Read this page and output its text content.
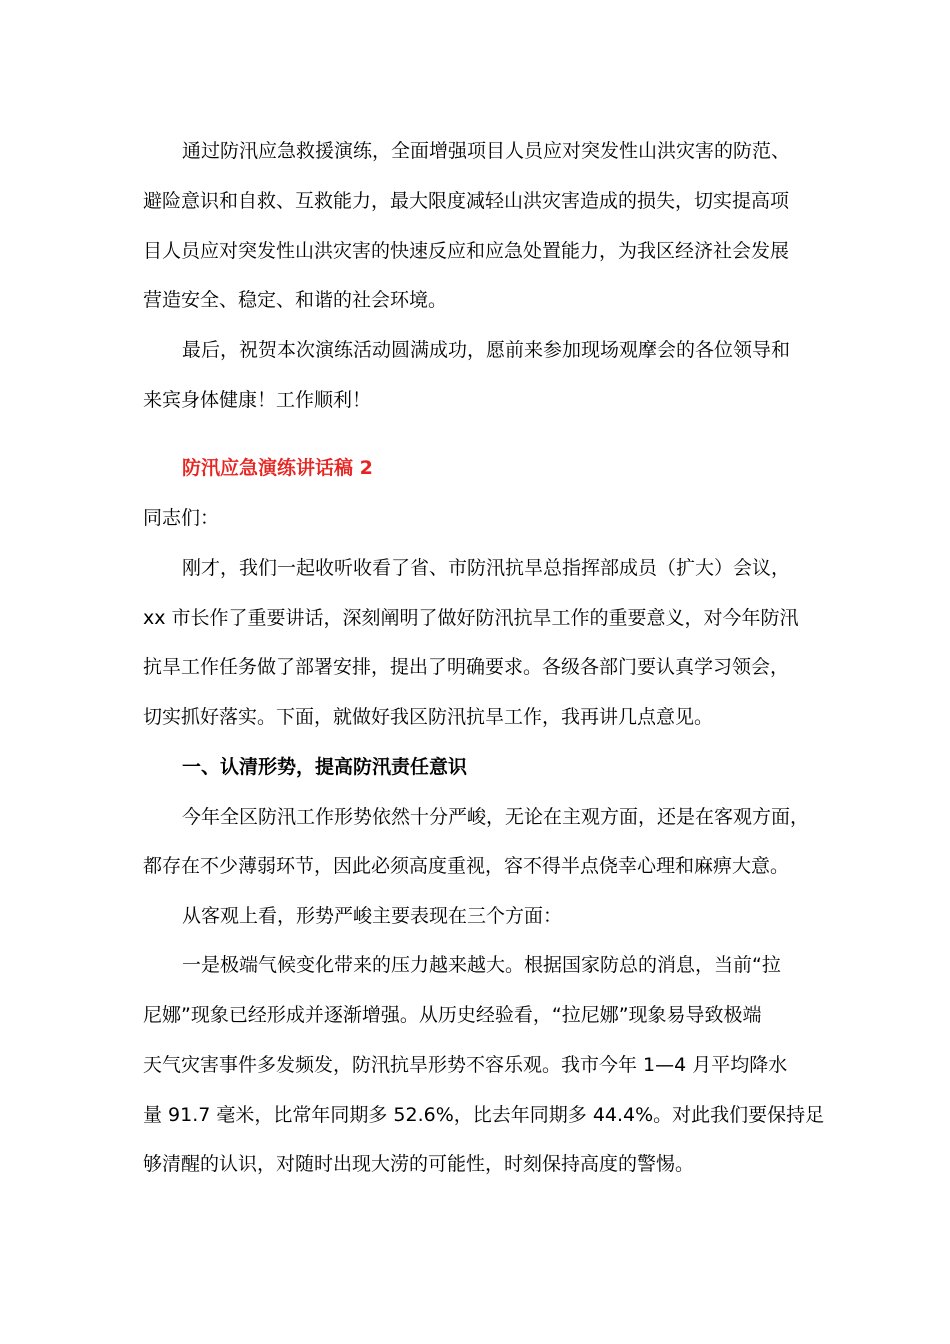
通过防汛应急救援演练，全面增强项目人员应对突发性山洪灾害的防范、
避险意识和自救、互救能力，最大限度减轻山洪灾害造成的损失，切实提高项
目人员应对突发性山洪灾害的快速反应和应急处置能力，为我区经济社会发展
营造安全、稳定、和谐的社会环境。
最后，祝贺本次演练活动圆满成功，愿前来参加现场观摩会的各位领导和
来宾身体健康！工作顺利！
防汛应急演练讲话稿 2
同志们：
刚才，我们一起收听收看了省、市防汛抗旱总指挥部成员（扩大）会议，
xx 市长作了重要讲话，深刻阐明了做好防汛抗旱工作的重要意义，对今年防汛
抗旱工作任务做了部署安排，提出了明确要求。各级各部门要认真学习领会，
切实抓好落实。下面，就做好我区防汛抗旱工作，我再讲几点意见。
一、认清形势，提高防汛责任意识
今年全区防汛工作形势依然十分严峻，无论在主观方面，还是在客观方面，
都存在不少薄弱环节，因此必须高度重视，容不得半点侥幸心理和麻痹大意。
从客观上看，形势严峻主要表现在三个方面：
一是极端气候变化带来的压力越来越大。根据国家防总的消息，当前“拉
尼娜”现象已经形成并逐渐增强。从历史经验看，“拉尼娜”现象易导致极端
天气灾害事件多发频发，防汛抗旱形势不容乐观。我市今年 1—4 月平均降水
量 91.7 毫米，比常年同期多 52.6%，比去年同期多 44.4%。对此我们要保持足
够清醒的认识，对随时出现大涝的可能性，时刻保持高度的警惕。
